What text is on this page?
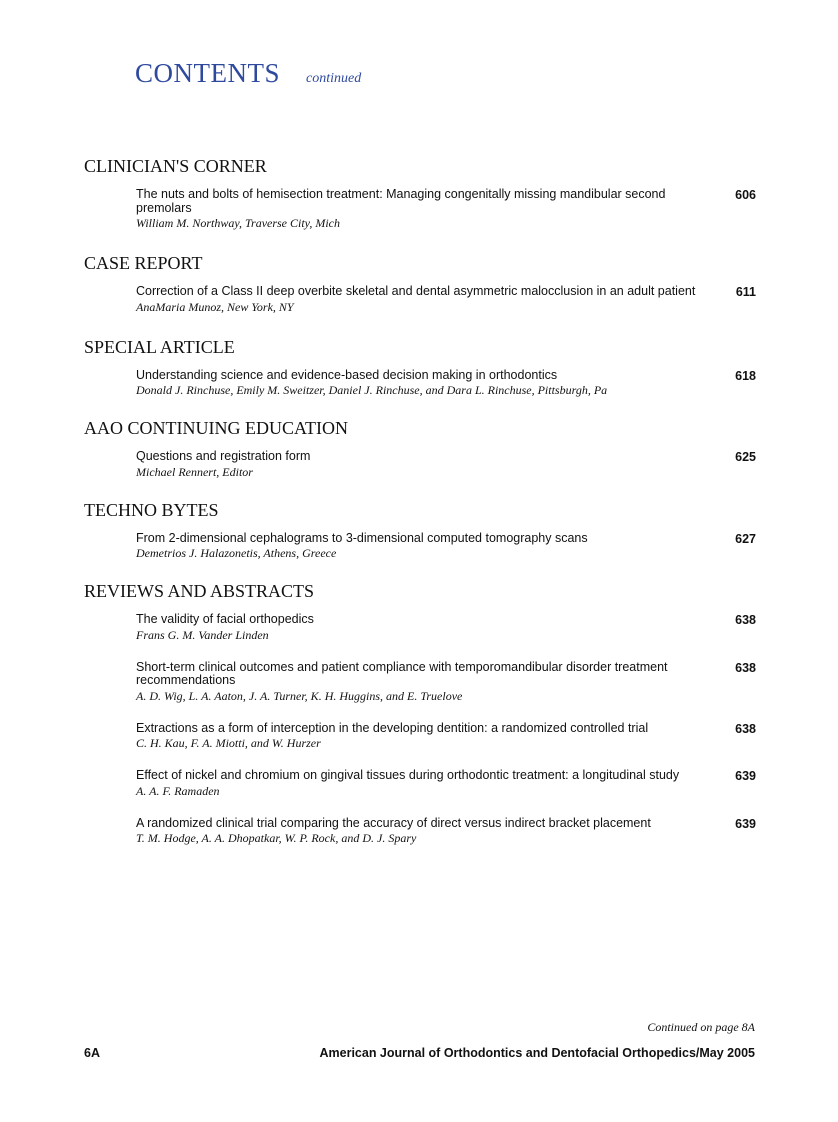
CONTENTS continued
CLINICIAN'S CORNER
The nuts and bolts of hemisection treatment: Managing congenitally missing mandibular second premolars
William M. Northway, Traverse City, Mich
606
CASE REPORT
Correction of a Class II deep overbite skeletal and dental asymmetric malocclusion in an adult patient
AnaMaria Munoz, New York, NY
611
SPECIAL ARTICLE
Understanding science and evidence-based decision making in orthodontics
Donald J. Rinchuse, Emily M. Sweitzer, Daniel J. Rinchuse, and Dara L. Rinchuse, Pittsburgh, Pa
618
AAO CONTINUING EDUCATION
Questions and registration form
Michael Rennert, Editor
625
TECHNO BYTES
From 2-dimensional cephalograms to 3-dimensional computed tomography scans
Demetrios J. Halazonetis, Athens, Greece
627
REVIEWS AND ABSTRACTS
The validity of facial orthopedics
Frans G. M. Vander Linden
638
Short-term clinical outcomes and patient compliance with temporomandibular disorder treatment recommendations
A. D. Wig, L. A. Aaton, J. A. Turner, K. H. Huggins, and E. Truelove
638
Extractions as a form of interception in the developing dentition: a randomized controlled trial
C. H. Kau, F. A. Miotti, and W. Hurzer
638
Effect of nickel and chromium on gingival tissues during orthodontic treatment: a longitudinal study
A. A. F. Ramaden
639
A randomized clinical trial comparing the accuracy of direct versus indirect bracket placement
T. M. Hodge, A. A. Dhopatkar, W. P. Rock, and D. J. Spary
639
Continued on page 8A
6A	American Journal of Orthodontics and Dentofacial Orthopedics/May 2005
